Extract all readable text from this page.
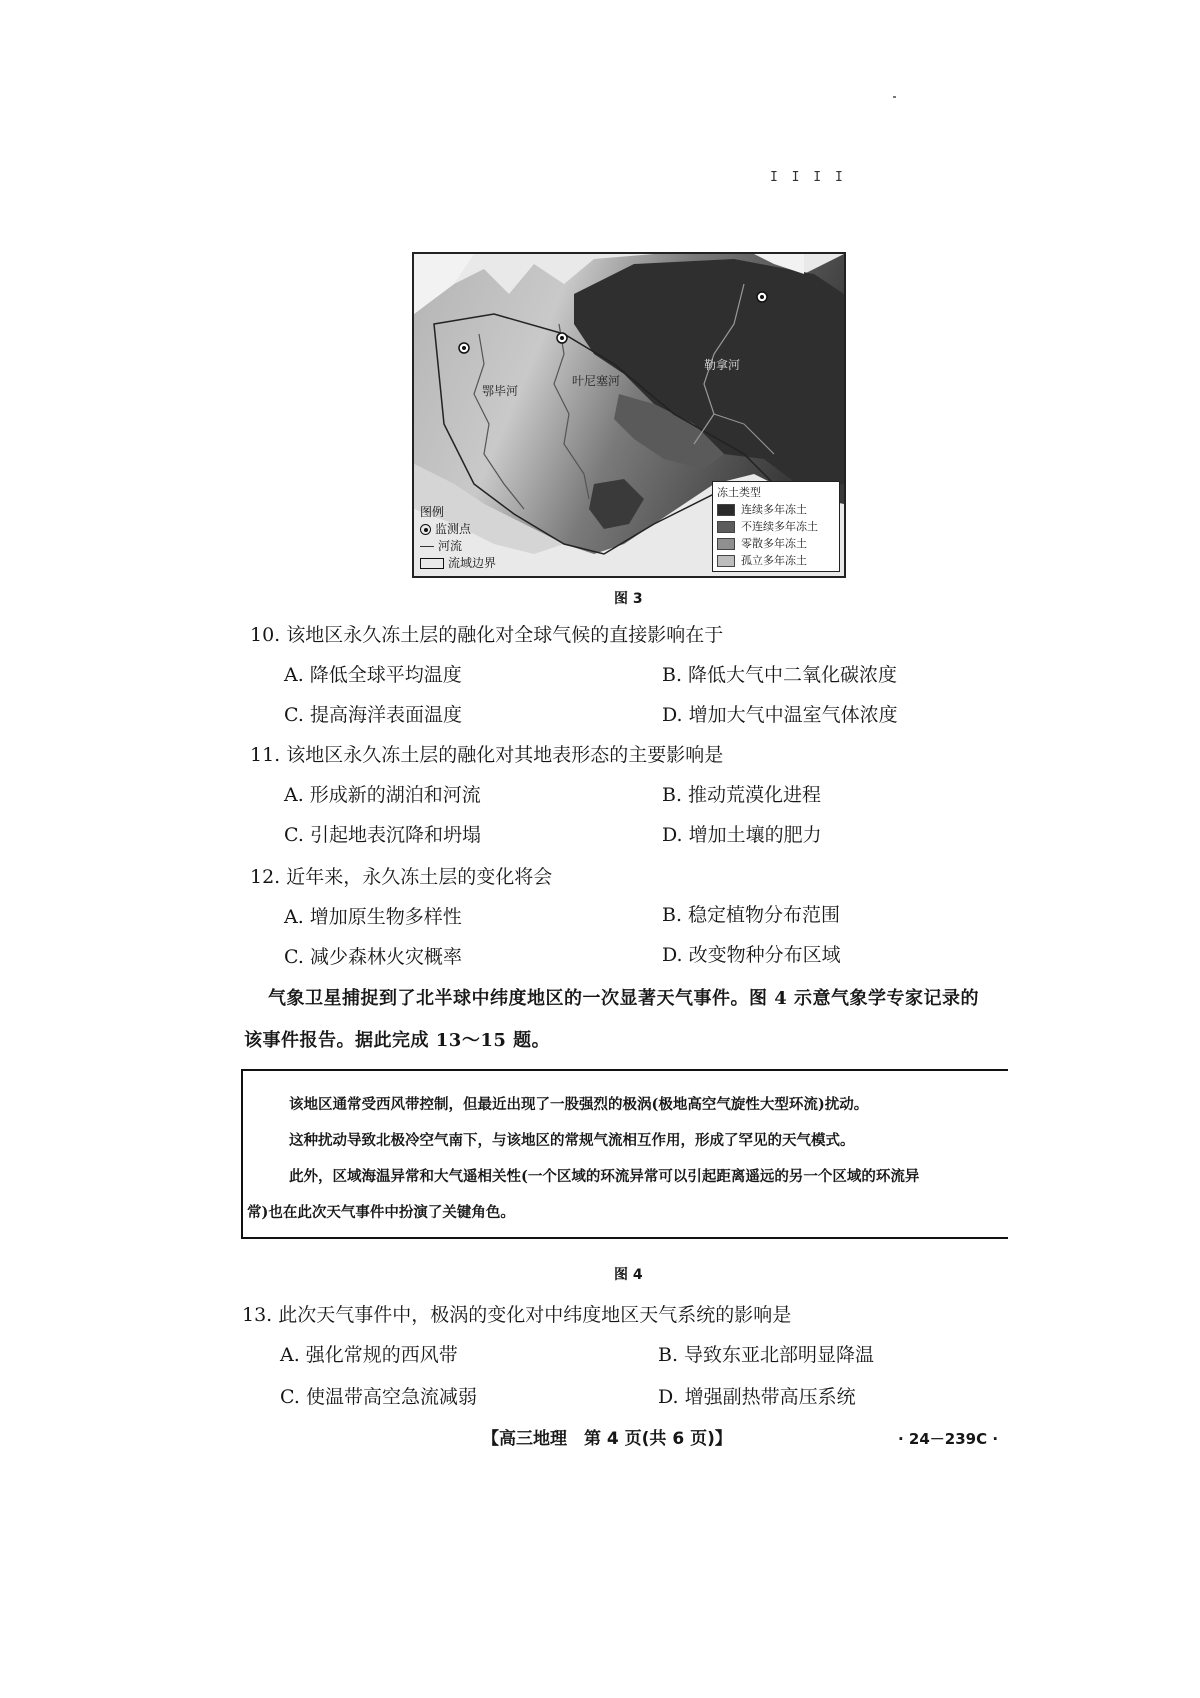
I I I I
鄂毕河
叶尼塞河
勒拿河
图例
监测点
河流
流域边界
冻土类型
连续多年冻土
不连续多年冻土
零散多年冻土
孤立多年冻土
图 3
10. 该地区永久冻土层的融化对全球气候的直接影响在于
A. 降低全球平均温度	B. 降低大气中二氧化碳浓度
C. 提高海洋表面温度	D. 增加大气中温室气体浓度
11. 该地区永久冻土层的融化对其地表形态的主要影响是
A. 形成新的湖泊和河流	B. 推动荒漠化进程
C. 引起地表沉降和坍塌	D. 增加土壤的肥力
12. 近年来，永久冻土层的变化将会
A. 增加原生物多样性	B. 稳定植物分布范围
C. 减少森林火灾概率	D. 改变物种分布区域
气象卫星捕捉到了北半球中纬度地区的一次显著天气事件。图 4 示意气象学专家记录的
该事件报告。据此完成 13～15 题。
该地区通常受西风带控制，但最近出现了一股强烈的极涡(极地高空气旋性大型环流)扰动。
这种扰动导致北极冷空气南下，与该地区的常规气流相互作用，形成了罕见的天气模式。
此外，区域海温异常和大气遥相关性(一个区域的环流异常可以引起距离遥远的另一个区域的环流异
常)也在此次天气事件中扮演了关键角色。
图 4
13. 此次天气事件中，极涡的变化对中纬度地区天气系统的影响是
A. 强化常规的西风带	B. 导致东亚北部明显降温
C. 使温带高空急流减弱	D. 增强副热带高压系统
【高三地理　第 4 页(共 6 页)】	· 24－239C ·
